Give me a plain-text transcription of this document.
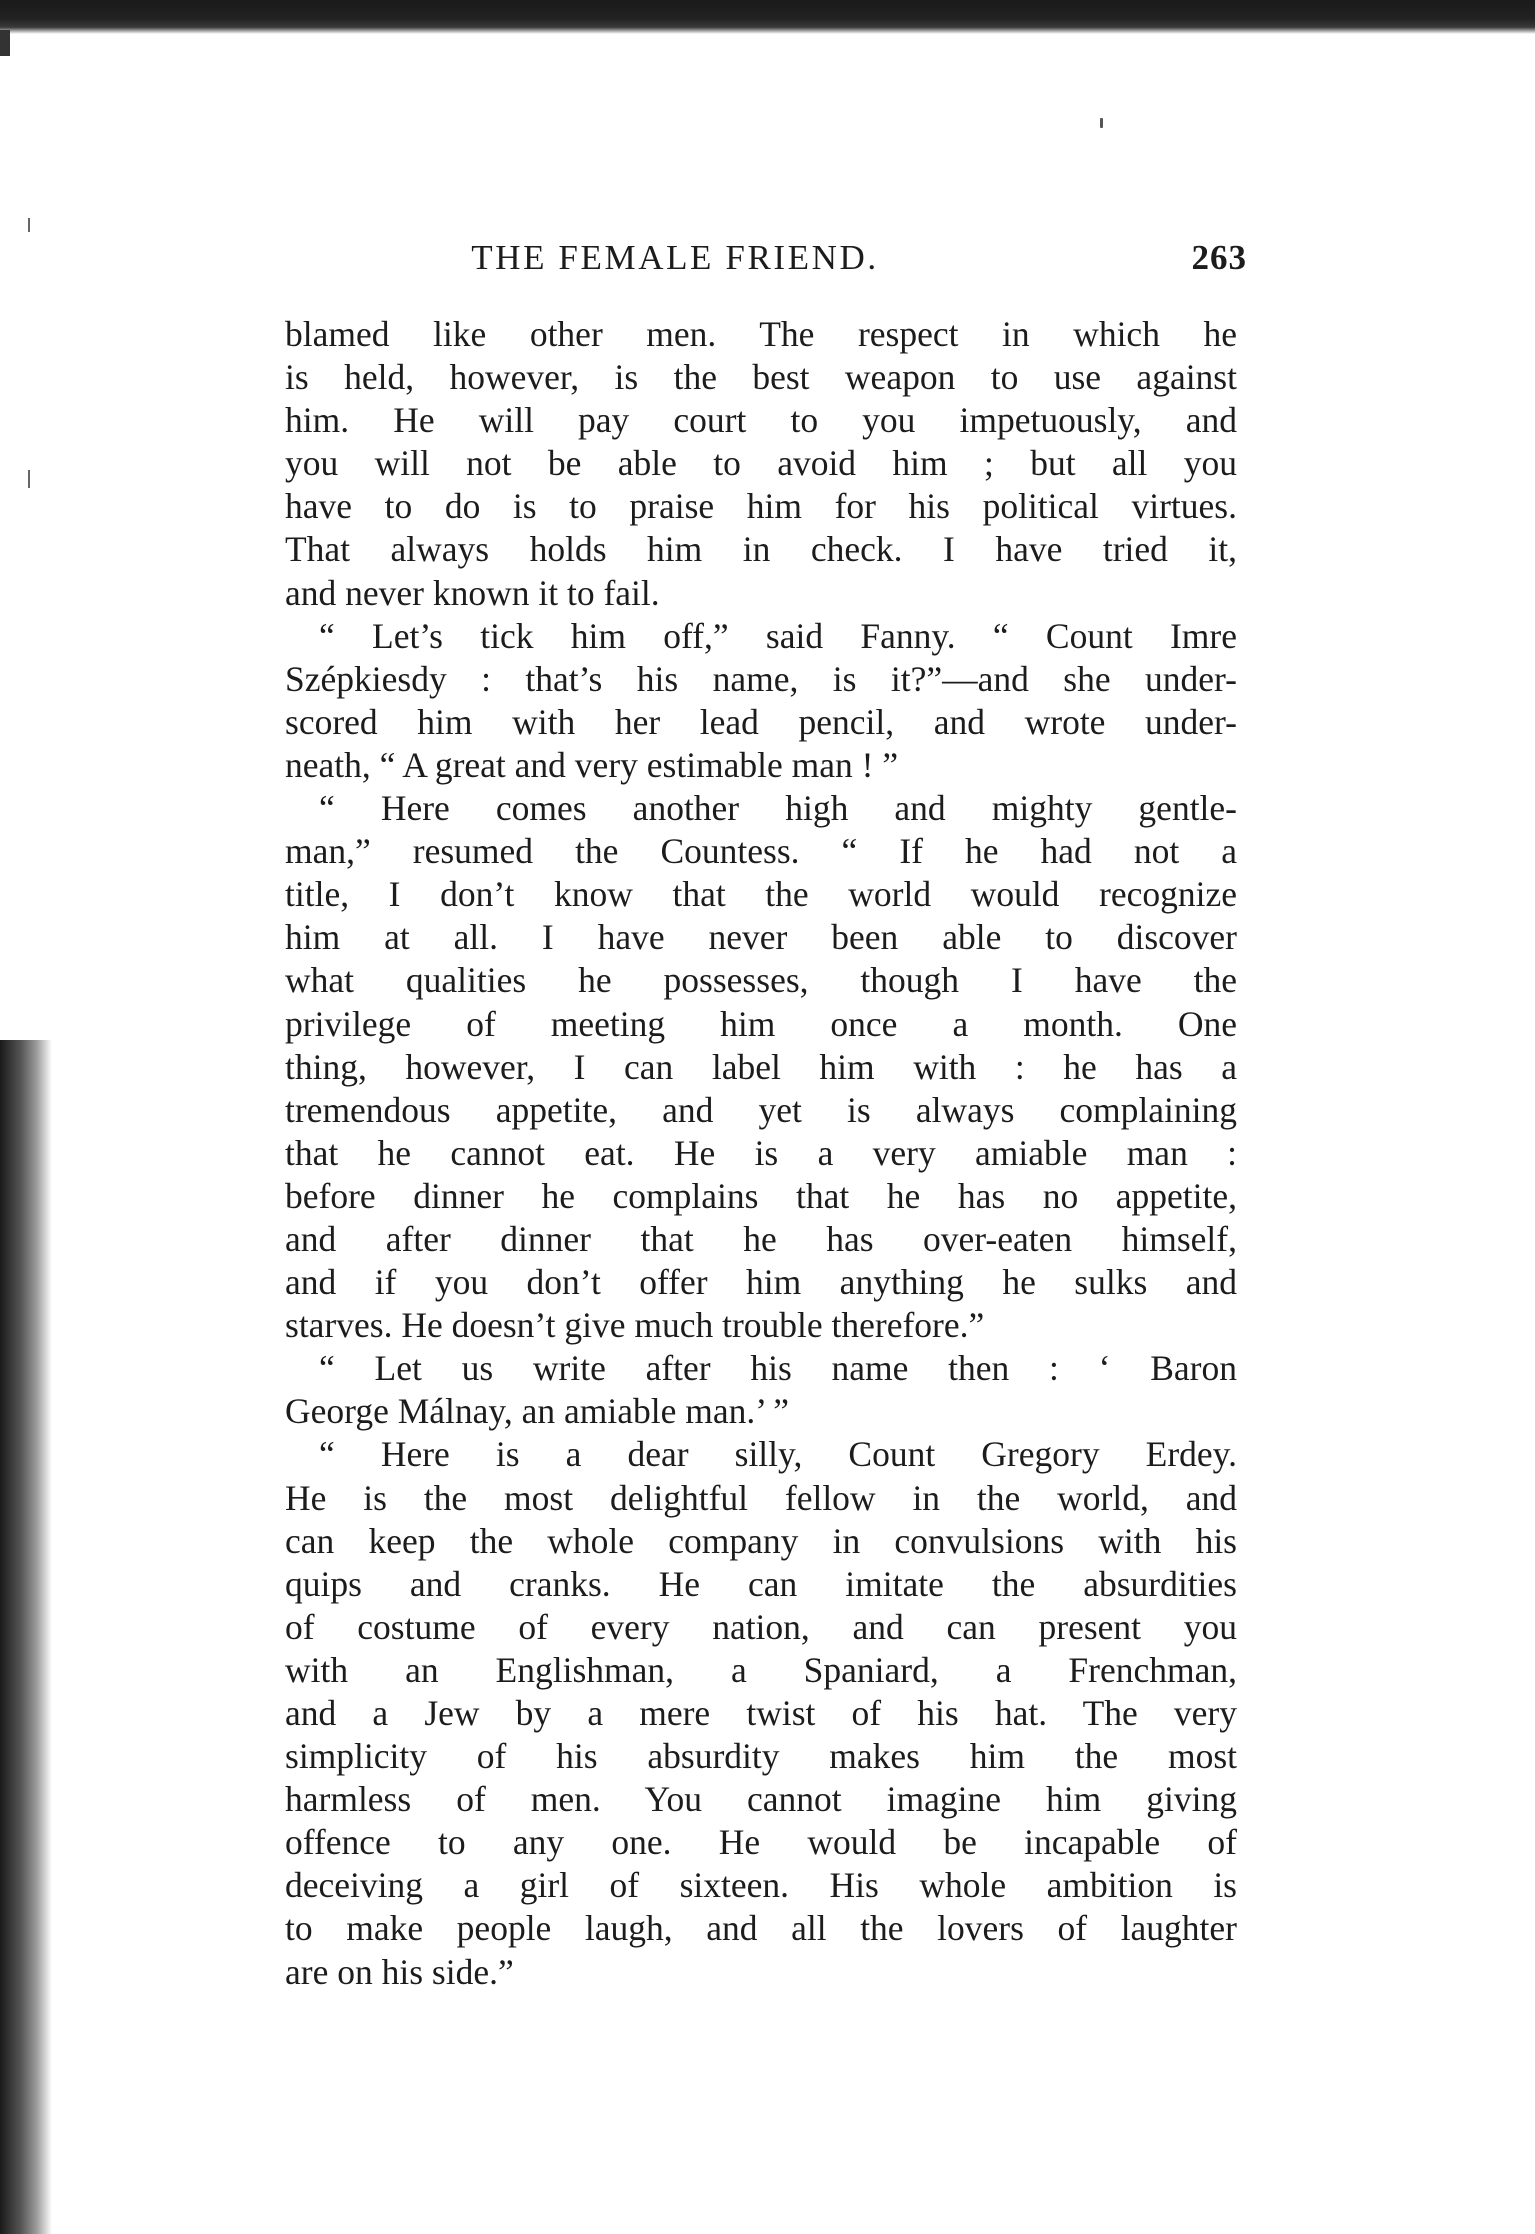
THE FEMALE FRIEND.	263
blamed like other men. The respect in which he
is held, however, is the best weapon to use against
him. He will pay court to you impetuously, and
you will not be able to avoid him ; but all you
have to do is to praise him for his political virtues.
That always holds him in check. I have tried it,
and never known it to fail.
“ Let’s tick him off,” said Fanny. “ Count Imre
Szépkiesdy : that’s his name, is it?”—and she under-
scored him with her lead pencil, and wrote under-
neath, “ A great and very estimable man ! ”
“ Here comes another high and mighty gentle-
man,” resumed the Countess. “ If he had not a
title, I don’t know that the world would recognize
him at all. I have never been able to discover
what qualities he possesses, though I have the
privilege of meeting him once a month. One
thing, however, I can label him with : he has a
tremendous appetite, and yet is always complaining
that he cannot eat. He is a very amiable man :
before dinner he complains that he has no appetite,
and after dinner that he has over-eaten himself,
and if you don’t offer him anything he sulks and
starves. He doesn’t give much trouble therefore.”
“ Let us write after his name then : ‘ Baron
George Málnay, an amiable man.’ ”
“ Here is a dear silly, Count Gregory Erdey.
He is the most delightful fellow in the world, and
can keep the whole company in convulsions with his
quips and cranks. He can imitate the absurdities
of costume of every nation, and can present you
with an Englishman, a Spaniard, a Frenchman,
and a Jew by a mere twist of his hat. The very
simplicity of his absurdity makes him the most
harmless of men. You cannot imagine him giving
offence to any one. He would be incapable of
deceiving a girl of sixteen. His whole ambition is
to make people laugh, and all the lovers of laughter
are on his side.”
